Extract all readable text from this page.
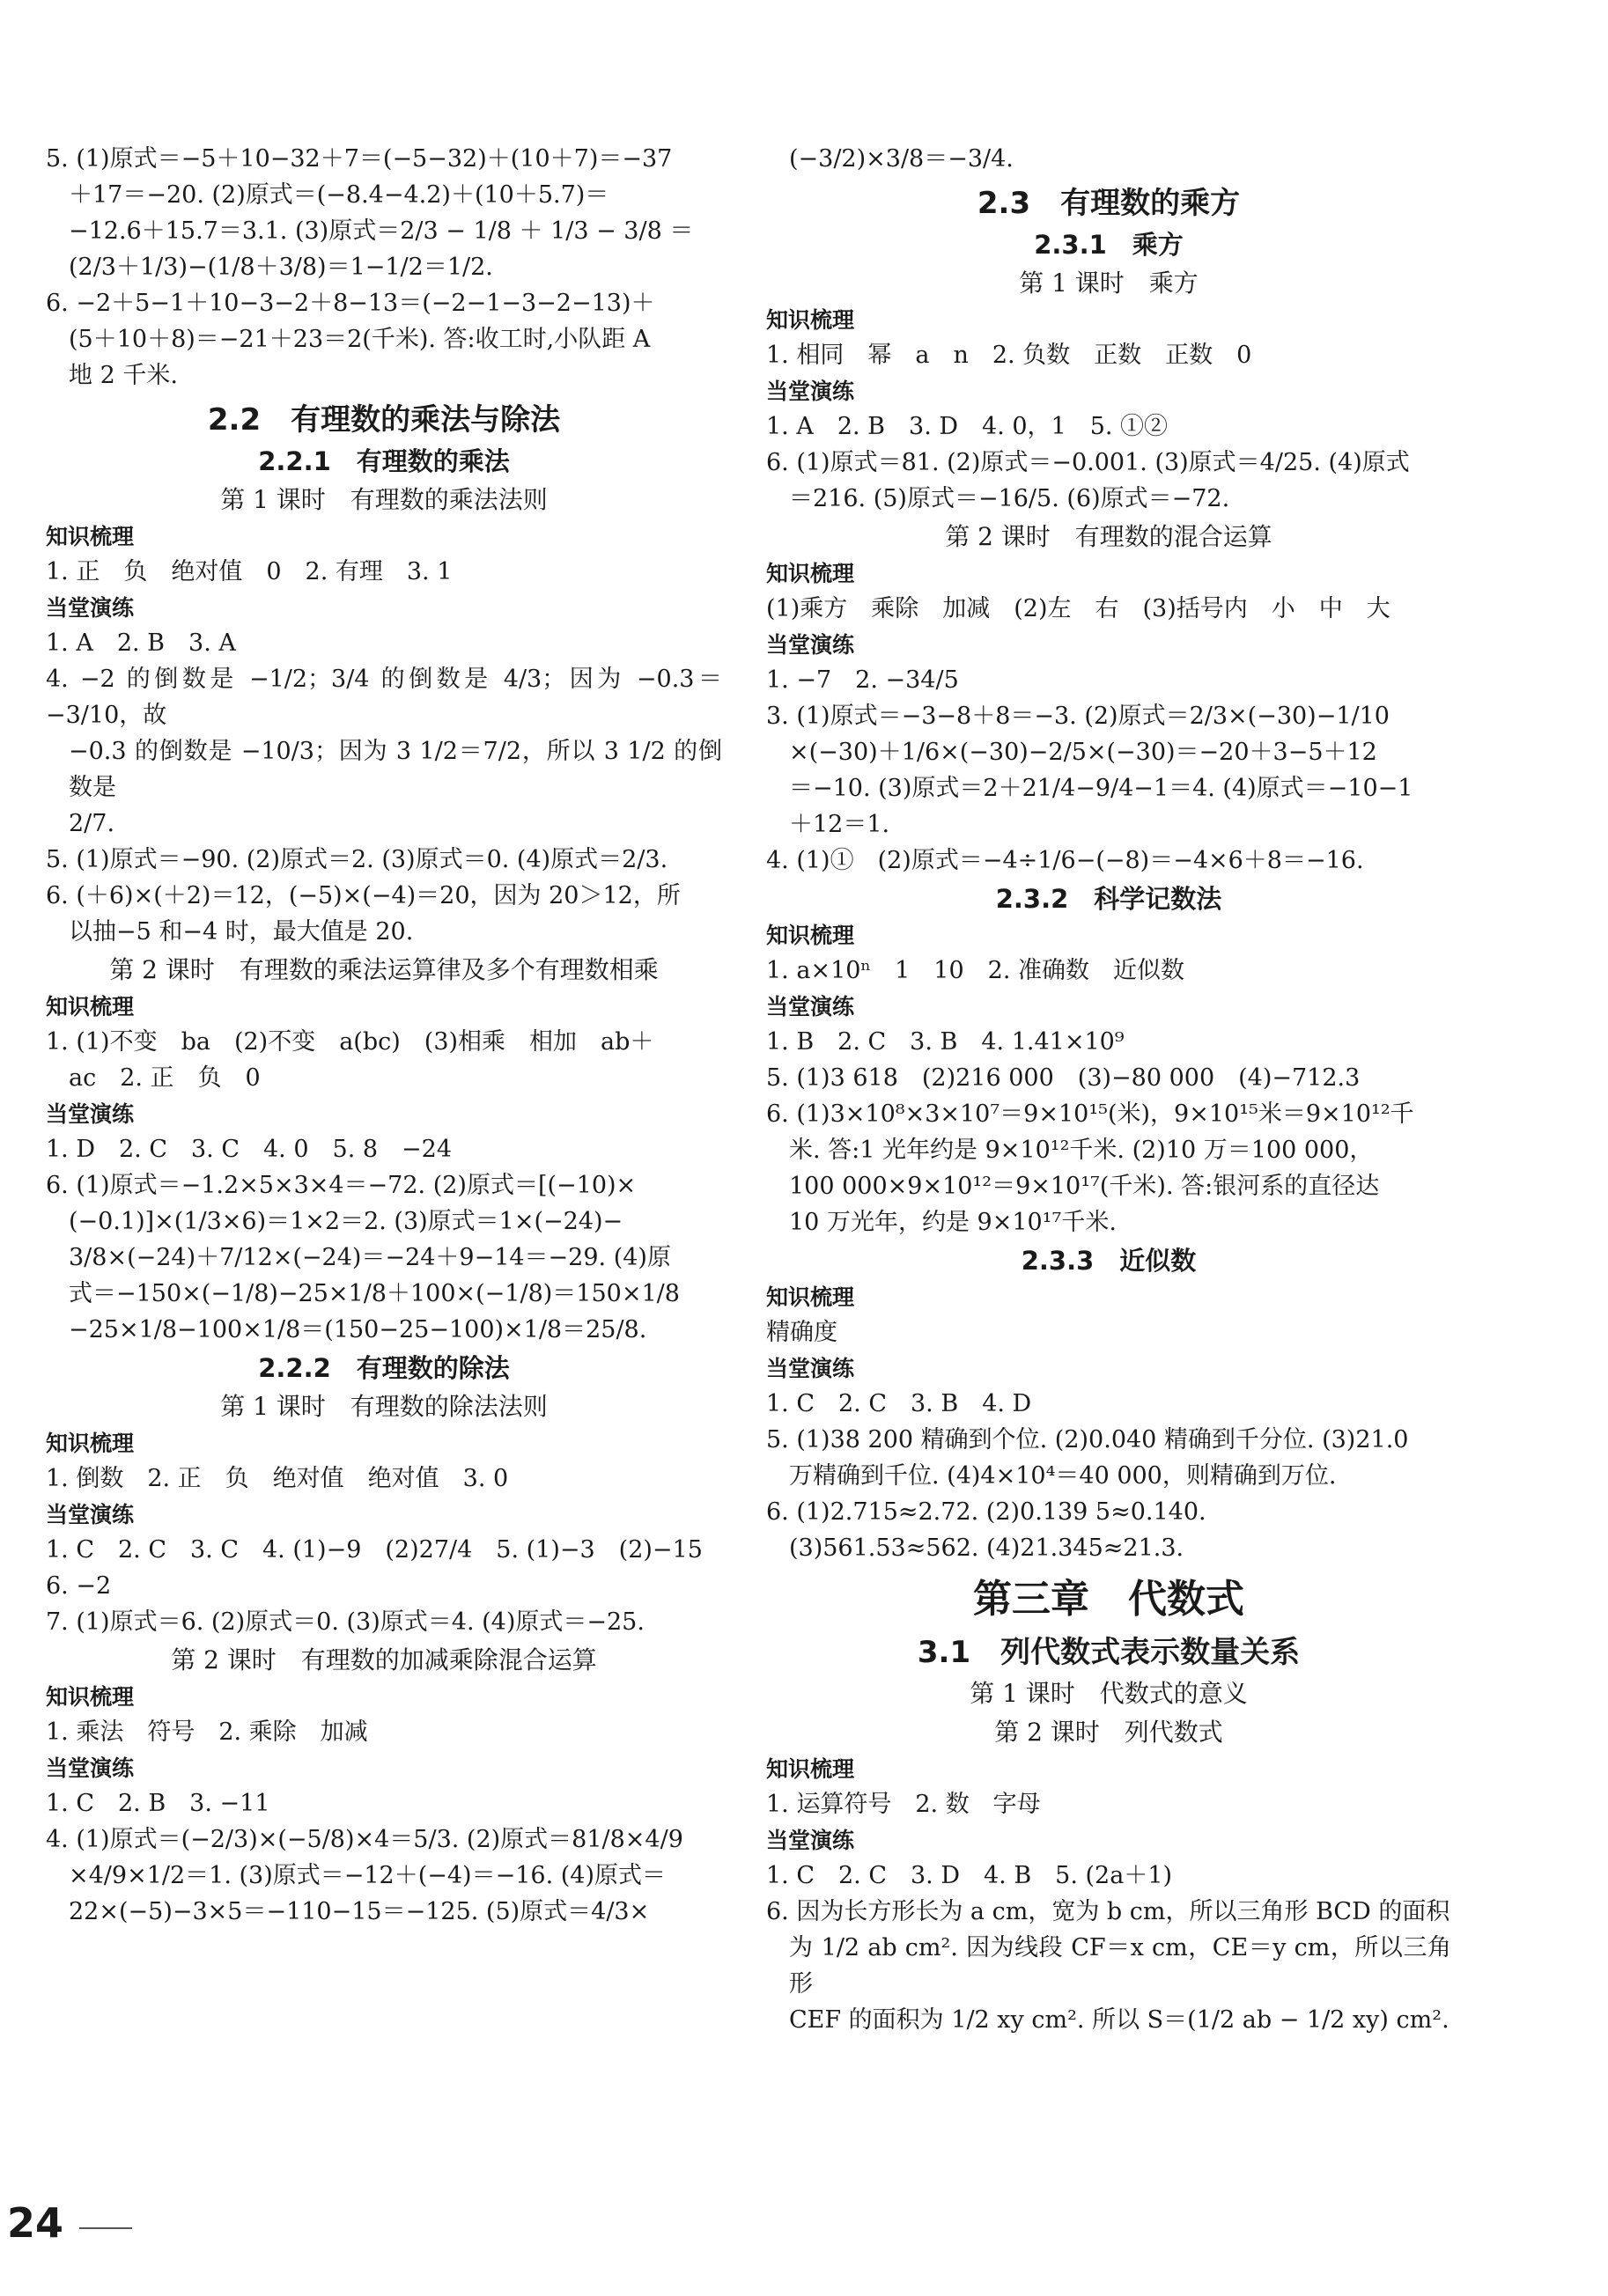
5. (1)原式＝−5＋10−32＋7＝(−5−32)＋(10＋7)＝−37
＋17＝−20. (2)原式＝(−8.4−4.2)＋(10＋5.7)＝
−12.6＋15.7＝3.1. (3)原式＝2/3 − 1/8 ＋ 1/3 − 3/8 ＝
(2/3＋1/3)−(1/8＋3/8)＝1−1/2＝1/2.
6. −2＋5−1＋10−3−2＋8−13＝(−2−1−3−2−13)＋
(5＋10＋8)＝−21＋23＝2(千米). 答:收工时,小队距 A
地 2 千米.
2.2　有理数的乘法与除法
2.2.1　有理数的乘法
第 1 课时　有理数的乘法法则
知识梳理
1. 正　负　绝对值　0　2. 有理　3. 1
当堂演练
1. A　2. B　3. A
4. −2 的倒数是 −1/2；3/4 的倒数是 4/3；因为 −0.3＝−3/10，故
−0.3 的倒数是 −10/3；因为 3 1/2＝7/2，所以 3 1/2 的倒数是
2/7.
5. (1)原式＝−90. (2)原式＝2. (3)原式＝0. (4)原式＝2/3.
6. (＋6)×(＋2)＝12，(−5)×(−4)＝20，因为 20＞12，所
以抽−5 和−4 时，最大值是 20.
第 2 课时　有理数的乘法运算律及多个有理数相乘
知识梳理
1. (1)不变　ba　(2)不变　a(bc)　(3)相乘　相加　ab＋
ac　2. 正　负　0
当堂演练
1. D　2. C　3. C　4. 0　5. 8　−24
6. (1)原式＝−1.2×5×3×4＝−72. (2)原式＝[(−10)×
(−0.1)]×(1/3×6)＝1×2＝2. (3)原式＝1×(−24)−
3/8×(−24)＋7/12×(−24)＝−24＋9−14＝−29. (4)原
式＝−150×(−1/8)−25×1/8＋100×(−1/8)＝150×1/8
−25×1/8−100×1/8＝(150−25−100)×1/8＝25/8.
2.2.2　有理数的除法
第 1 课时　有理数的除法法则
知识梳理
1. 倒数　2. 正　负　绝对值　绝对值　3. 0
当堂演练
1. C　2. C　3. C　4. (1)−9　(2)27/4　5. (1)−3　(2)−15
6. −2
7. (1)原式＝6. (2)原式＝0. (3)原式＝4. (4)原式＝−25.
第 2 课时　有理数的加减乘除混合运算
知识梳理
1. 乘法　符号　2. 乘除　加减
当堂演练
1. C　2. B　3. −11
4. (1)原式＝(−2/3)×(−5/8)×4＝5/3. (2)原式＝81/8×4/9
×4/9×1/2＝1. (3)原式＝−12＋(−4)＝−16. (4)原式＝
22×(−5)−3×5＝−110−15＝−125. (5)原式＝4/3×
(−3/2)×3/8＝−3/4.
2.3　有理数的乘方
2.3.1　乘方
第 1 课时　乘方
知识梳理
1. 相同　幂　a　n　2. 负数　正数　正数　0
当堂演练
1. A　2. B　3. D　4. 0，1　5. ①②
6. (1)原式＝81. (2)原式＝−0.001. (3)原式＝4/25. (4)原式
＝216. (5)原式＝−16/5. (6)原式＝−72.
第 2 课时　有理数的混合运算
知识梳理
(1)乘方　乘除　加减　(2)左　右　(3)括号内　小　中　大
当堂演练
1. −7　2. −34/5
3. (1)原式＝−3−8＋8＝−3. (2)原式＝2/3×(−30)−1/10
×(−30)＋1/6×(−30)−2/5×(−30)＝−20＋3−5＋12
＝−10. (3)原式＝2＋21/4−9/4−1＝4. (4)原式＝−10−1
＋12＝1.
4. (1)①　(2)原式＝−4÷1/6−(−8)＝−4×6＋8＝−16.
2.3.2　科学记数法
知识梳理
1. a×10ⁿ　1　10　2. 准确数　近似数
当堂演练
1. B　2. C　3. B　4. 1.41×10⁹
5. (1)3 618　(2)216 000　(3)−80 000　(4)−712.3
6. (1)3×10⁸×3×10⁷＝9×10¹⁵(米)，9×10¹⁵米＝9×10¹²千
米. 答:1 光年约是 9×10¹²千米. (2)10 万＝100 000，
100 000×9×10¹²＝9×10¹⁷(千米). 答:银河系的直径达
10 万光年，约是 9×10¹⁷千米.
2.3.3　近似数
知识梳理
精确度
当堂演练
1. C　2. C　3. B　4. D
5. (1)38 200 精确到个位. (2)0.040 精确到千分位. (3)21.0
万精确到千位. (4)4×10⁴＝40 000，则精确到万位.
6. (1)2.715≈2.72. (2)0.139 5≈0.140.
(3)561.53≈562. (4)21.345≈21.3.
第三章　代数式
3.1　列代数式表示数量关系
第 1 课时　代数式的意义
第 2 课时　列代数式
知识梳理
1. 运算符号　2. 数　字母
当堂演练
1. C　2. C　3. D　4. B　5. (2a＋1)
6. 因为长方形长为 a cm，宽为 b cm，所以三角形 BCD 的面积
为 1/2 ab cm². 因为线段 CF＝x cm，CE＝y cm，所以三角形
CEF 的面积为 1/2 xy cm². 所以 S＝(1/2 ab − 1/2 xy) cm².
24
